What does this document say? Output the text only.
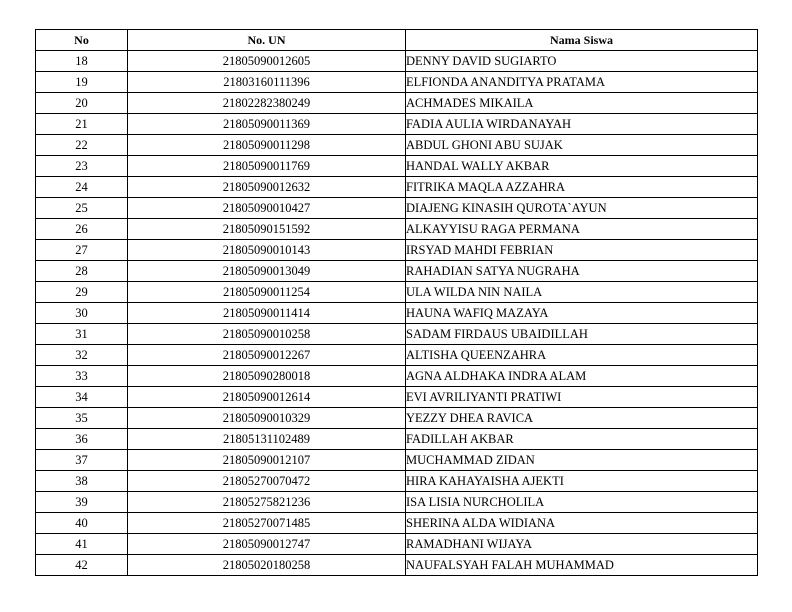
No	No. UN	Nama Siswa
18	21805090012605	DENNY DAVID SUGIARTO
19	21803160111396	ELFIONDA ANANDITYA PRATAMA
20	21802282380249	ACHMADES MIKAILA
21	21805090011369	FADIA AULIA WIRDANAYAH
22	21805090011298	ABDUL GHONI ABU SUJAK
23	21805090011769	HANDAL WALLY AKBAR
24	21805090012632	FITRIKA MAQLA AZZAHRA
25	21805090010427	DIAJENG KINASIH QUROTA`AYUN
26	21805090151592	ALKAYYISU RAGA PERMANA
27	21805090010143	IRSYAD MAHDI FEBRIAN
28	21805090013049	RAHADIAN SATYA NUGRAHA
29	21805090011254	ULA WILDA NIN NAILA
30	21805090011414	HAUNA WAFIQ MAZAYA
31	21805090010258	SADAM FIRDAUS UBAIDILLAH
32	21805090012267	ALTISHA QUEENZAHRA
33	21805090280018	AGNA ALDHAKA INDRA ALAM
34	21805090012614	EVI AVRILIYANTI PRATIWI
35	21805090010329	YEZZY DHEA RAVICA
36	21805131102489	FADILLAH AKBAR
37	21805090012107	MUCHAMMAD ZIDAN
38	21805270070472	HIRA KAHAYAISHA AJEKTI
39	21805275821236	ISA LISIA NURCHOLILA
40	21805270071485	SHERINA ALDA WIDIANA
41	21805090012747	RAMADHANI WIJAYA
42	21805020180258	NAUFALSYAH FALAH MUHAMMAD
